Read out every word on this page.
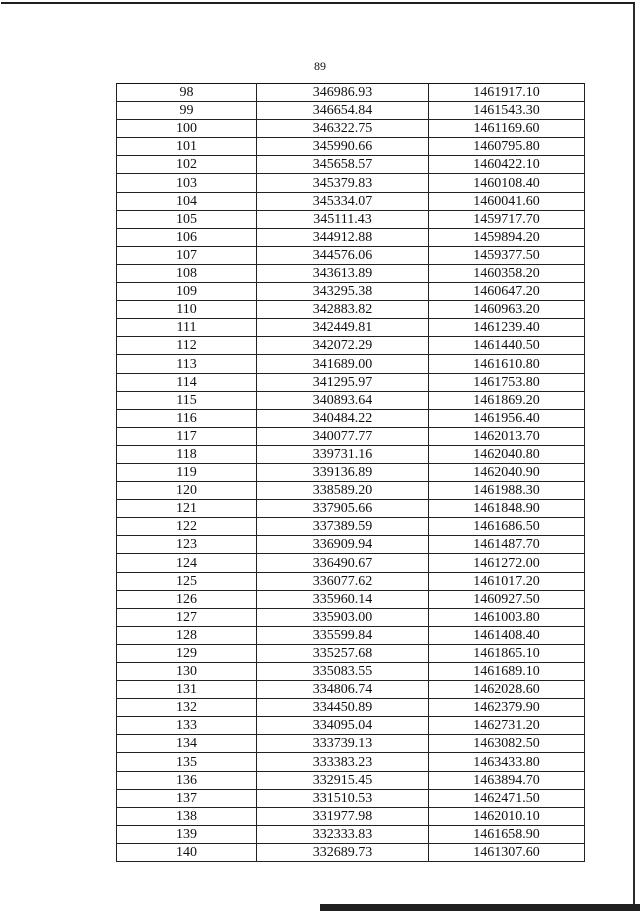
89
98	346986.93	1461917.10
99	346654.84	1461543.30
100	346322.75	1461169.60
101	345990.66	1460795.80
102	345658.57	1460422.10
103	345379.83	1460108.40
104	345334.07	1460041.60
105	345111.43	1459717.70
106	344912.88	1459894.20
107	344576.06	1459377.50
108	343613.89	1460358.20
109	343295.38	1460647.20
110	342883.82	1460963.20
111	342449.81	1461239.40
112	342072.29	1461440.50
113	341689.00	1461610.80
114	341295.97	1461753.80
115	340893.64	1461869.20
116	340484.22	1461956.40
117	340077.77	1462013.70
118	339731.16	1462040.80
119	339136.89	1462040.90
120	338589.20	1461988.30
121	337905.66	1461848.90
122	337389.59	1461686.50
123	336909.94	1461487.70
124	336490.67	1461272.00
125	336077.62	1461017.20
126	335960.14	1460927.50
127	335903.00	1461003.80
128	335599.84	1461408.40
129	335257.68	1461865.10
130	335083.55	1461689.10
131	334806.74	1462028.60
132	334450.89	1462379.90
133	334095.04	1462731.20
134	333739.13	1463082.50
135	333383.23	1463433.80
136	332915.45	1463894.70
137	331510.53	1462471.50
138	331977.98	1462010.10
139	332333.83	1461658.90
140	332689.73	1461307.60
